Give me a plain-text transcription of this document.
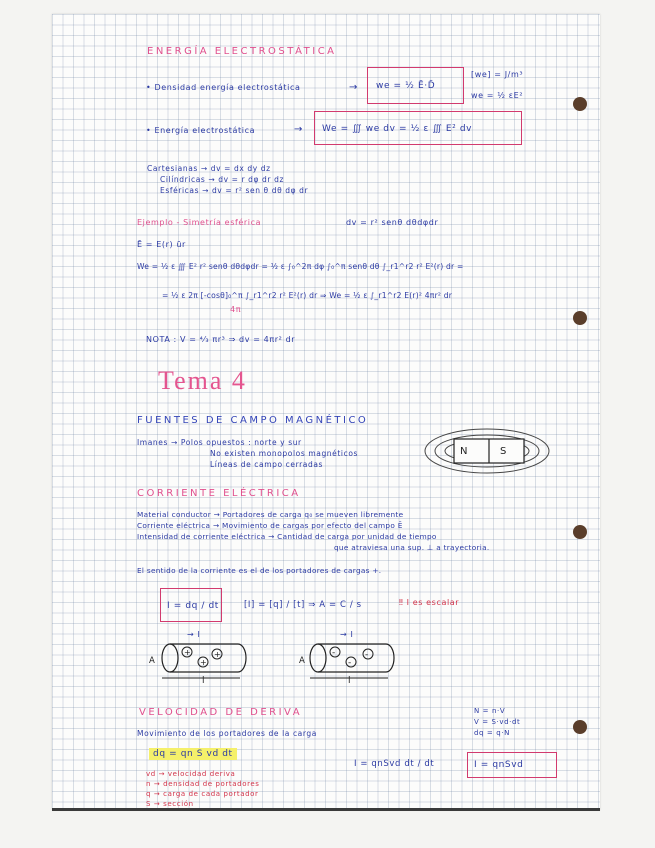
ENERGÍA ELECTROSTÁTICA
• Densidad energía electrostática	→ we = ½ Ē·D̄
[we] = J/m³
we = ½ εE²
• Energía electrostática	→ We = ∭ we dv = ½ ε ∭ E² dv
Cartesianas → dv = dx dy dz
Cilíndricas → dv = r dφ dr dz
Esféricas → dv = r² sen θ dθ dφ dr
Ejemplo - Simetría esférica	dv = r² senθ dθdφdr
Ē = E(r) ūr
We = ½ ε ∭ E² r² senθ dθdφdr = ½ ε ∫₀^2π dφ ∫₀^π senθ dθ ∫_r1^r2 r² E²(r) dr =
= ½ ε 2π [-cosθ]₀^π ∫_r1^r2 r² E²(r) dr ⇒ We = ½ ε ∫_r1^r2 E(r)² 4πr² dr
4π
NOTA : V = ⁴⁄₃ πr³ ⇒ dv = 4πr² dr
Tema 4
FUENTES DE CAMPO MAGNÉTICO
Imanes → Polos opuestos : norte y sur
No existen monopolos magnéticos
Líneas de campo cerradas
N	S
CORRIENTE ELÉCTRICA
Material conductor → Portadores de carga q₀ se mueven libremente
Corriente eléctrica → Movimiento de cargas por efecto del campo Ē
Intensidad de corriente eléctrica → Cantidad de carga por unidad de tiempo
que atraviesa una sup. ⊥ a trayectoria.
El sentido de la corriente es el de los portadores de cargas +.
I = dq / dt	[I] = [q] / [t] ⇒ A = C / s	‼ I es escalar
→ I	→ I
A	A
l	l
+
+
+	-
-
-
VELOCIDAD DE DERIVA
Movimiento de los portadores de la carga
N = n·V
V = S·vd·dt
dq = q·N
dq = qn S vd dt
I = qnSvd dt / dt	I = qnSvd
vd → velocidad deriva
n → densidad de portadores
q → carga de cada portador
S → sección
